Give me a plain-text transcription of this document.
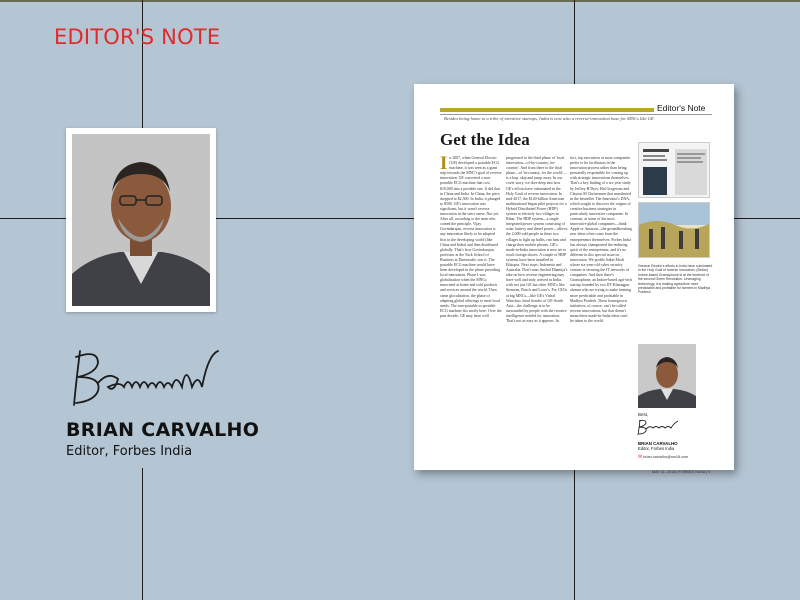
EDITOR'S NOTE
BRIAN CARVALHO
Editor, Forbes India
Editor's Note
Besides being home to a tribe of inventive startups, India is now also a reverse-innovation base for MNCs like GE
Get the Idea
In 2007, when General Electric (GE) developed a portable ECG machine, it was seen as a giant step towards the MNC's goal of reverse innovation. GE converted a non-portable ECG machine that cost $10,000 into a portable one. It did that in China and India. In China, the price dropped to $2,500. In India, it plunged to $500. GE's innovation was significant, but it wasn't reverse innovation in the strict sense. Not yet. After all, according to the man who coined the principle, Vijay Govindarajan, reverse innovation is any innovation likely to be adopted first in the developing world (like China and India) and then distributed globally. That's how Govindarajan, professor at the Tuck School of Business at Dartmouth, saw it. The portable ECG machine would have been developed in the phase preceding local innovation. Phase I was globalisation when the MNCs innovated at home and sold products and services around the world. Then came glocalisation, the phase of adapting global offerings to meet local needs. The non-portable to portable ECG machine fits nicely here. Over the past decade, GE may have well
progressed to the third phase of 'local innovation—of-by-country, for-country'. And from there to the final phase—of 'in-country, for the world'—is a hop, skip and jump away. In our cover story, we dive deep into how GE's efforts have culminated in the Holy Grail of reverse innovation. In mid-2017, the $120-billion American multinational began pilot projects for a Hybrid Distributed Power (HDP) system to electrify two villages in Bihar. The HDP system—a single integrated power system consisting of solar, battery and diesel power—allows the 2,000-odd people in these two villages to light up bulbs, run fans and charge their mobile phones. GE's made-in-India innovation is now set to reach foreign shores. A couple of HDP systems have been installed in Ethiopia. Next stops: Indonesia and Australia. Don't miss Anshul Dhamija's take on how reverse engineering may have well and truly arrived in India, with not just GE but other MNCs like Siemens, Bosch and Lowe's. For CEOs at big MNCs—like GE's Vishal Wanchoo, head honcho of GE-South Asia—the challenge is to be surrounded by people with the creative intelligence needed for innovation. That's not as easy as it appears. In
fact, top executives at most companies prefer to be facilitators in the innovation process rather than being personally responsible for coming up with strategic innovations themselves. That's a key finding of a six-year study by Jeffrey H Dyer, Hal Gregersen and Clayton M Christensen that manifested in the bestseller The Innovator's DNA, which sought to discover the origins of creative business strategies in particularly innovative companies. In contrast, at some of the most innovative global companies—think Apple or Amazon—the groundbreaking new ideas often come from the entrepreneurs themselves. Forbes India has always championed the enduring spirit of the entrepreneur, and it's no different in this special issue on innovation. We profile Saket Modi whose six-year-old cyber security venture is securing the IT networks of companies. And then there's Gramophone, an Indore-based agri-tech startup founded by two IIT-Kharagpur alumni who are trying to make farming more predictable and profitable in Madhya Pradesh. These homegrown initiatives, of course, can't be called reverse innovations, but that doesn't mean these made-in-India ideas can't be taken to the world.
General Electric's efforts in India have culminated in the Holy Grail of reverse innovation; (Below) Indore-based Gramophone is at the forefront of the second Green Revolution. Leveraging technology, it is making agriculture more predictable and profitable for farmers in Madhya Pradesh
Best,
BRIAN CARVALHO
Editor, Forbes India
✉ brian.carvalho@nw18.com
MAY 11, 2018 | FORBES INDIA | 9
